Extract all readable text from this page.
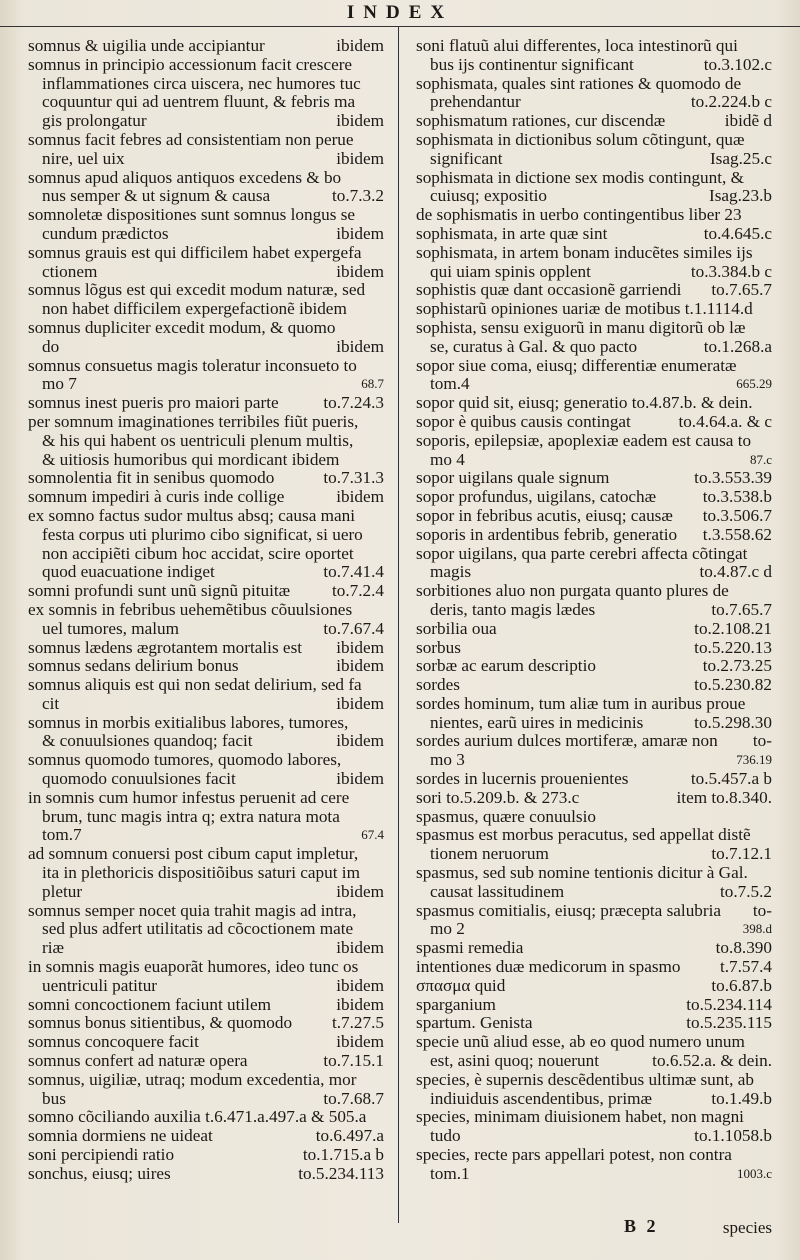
INDEX
somnus & uigilia unde accipiantur	ibidem
somnus in principio accessionum facit crescere
inflammationes circa uiscera, nec humores tuc
coquuntur qui ad uentrem fluunt, & febris ma
gis prolongatur	ibidem
somnus facit febres ad consistentiam non perue
nire, uel uix	ibidem
somnus apud aliquos antiquos excedens & bo
nus semper & ut signum & causa	to.7.3.2
somnoletæ dispositiones sunt somnus longus se
cundum prædictos	ibidem
somnus grauis est qui difficilem habet expergefa
ctionem	ibidem
somnus lõgus est qui excedit modum naturæ, sed
non habet difficilem expergefactionẽ ibidem
somnus dupliciter excedit modum, & quomo
do	ibidem
somnus consuetus magis toleratur inconsueto to
mo 7	68.7
somnus inest pueris pro maiori parte	to.7.24.3
per somnum imaginationes terribiles fiũt pueris,
& his qui habent os uentriculi plenum multis,
& uitiosis humoribus qui mordicant ibidem
somnolentia fit in senibus quomodo	to.7.31.3
somnum impediri à curis inde collige	ibidem
ex somno factus sudor multus absq; causa mani
festa corpus uti plurimo cibo significat, si uero
non accipiẽti cibum hoc accidat, scire oportet
quod euacuatione indiget	to.7.41.4
somni profundi sunt unũ signũ pituitæ to.7.2.4
ex somnis in febribus uehemẽtibus cõuulsiones
uel tumores, malum	to.7.67.4
somnus lædens ægrotantem mortalis est ibidem
somnus sedans delirium bonus	ibidem
somnus aliquis est qui non sedat delirium, sed fa
cit	ibidem
somnus in morbis exitialibus labores, tumores,
& conuulsiones quandoq; facit	ibidem
somnus quomodo tumores, quomodo labores,
quomodo conuulsiones facit	ibidem
in somnis cum humor infestus peruenit ad cere
brum, tunc magis intra q; extra natura mota
tom.7	67.4
ad somnum conuersi post cibum caput impletur,
ita in plethoricis dispositiõibus saturi caput im
pletur	ibidem
somnus semper nocet quia trahit magis ad intra,
sed plus adfert utilitatis ad cõcoctionem mate
riæ	ibidem
in somnis magis euaporãt humores, ideo tunc os
uentriculi patitur	ibidem
somni concoctionem faciunt utilem	ibidem
somnus bonus sitientibus, & quomodo t.7.27.5
somnus concoquere facit	ibidem
somnus confert ad naturæ opera	to.7.15.1
somnus, uigiliæ, utraq; modum excedentia, mor
bus	to.7.68.7
somno cõciliando auxilia t.6.471.a.497.a & 505.a
somnia dormiens ne uideat	to.6.497.a
soni percipiendi ratio	to.1.715.a b
sonchus, eiusq; uires	to.5.234.113
soni flatuũ alui differentes, loca intestinorũ qui
bus ijs continentur significant	to.3.102.c
sophismata, quales sint rationes & quomodo de
prehendantur	to.2.224.b c
sophismatum rationes, cur discendæ	ibidẽ d
sophismata in dictionibus solum cõtingunt, quæ
significant	Isag.25.c
sophismata in dictione sex modis contingunt, &
cuiusq; expositio	Isag.23.b
de sophismatis in uerbo contingentibus liber 23
sophismata, in arte quæ sint	to.4.645.c
sophismata, in artem bonam inducẽtes similes ijs
qui uiam spinis opplent	to.3.384.b c
sophistis quæ dant occasionẽ garriendi to.7.65.7
sophistarũ opiniones uariæ de motibus t.1.1114.d
sophista, sensu exiguorũ in manu digitorũ ob læ
se, curatus à Gal. & quo pacto	to.1.268.a
sopor siue coma, eiusq; differentiæ enumeratæ
tom.4	665.29
sopor quid sit, eiusq; generatio to.4.87.b. & dein.
sopor è quibus causis contingat	to.4.64.a. & c
soporis, epilepsiæ, apoplexiæ eadem est causa to
mo 4	87.c
sopor uigilans quale signum	to.3.553.39
sopor profundus, uigilans, catochæ	to.3.538.b
sopor in febribus acutis, eiusq; causæ to.3.506.7
soporis in ardentibus febrib, generatio t.3.558.62
sopor uigilans, qua parte cerebri affecta cõtingat
magis	to.4.87.c d
sorbitiones aluo non purgata quanto plures de
deris, tanto magis lædes	to.7.65.7
sorbilia oua	to.2.108.21
sorbus	to.5.220.13
sorbæ ac earum descriptio	to.2.73.25
sordes	to.5.230.82
sordes hominum, tum aliæ tum in auribus proue
nientes, earũ uires in medicinis	to.5.298.30
sordes aurium dulces mortiferæ, amaræ non to-
mo 3	736.19
sordes in lucernis prouenientes	to.5.457.a b
sori to.5.209.b. & 273.c	item to.8.340.
spasmus, quære conuulsio
spasmus est morbus peracutus, sed appellat distẽ
tionem neruorum	to.7.12.1
spasmus, sed sub nomine tentionis dicitur à Gal.
causat lassitudinem	to.7.5.2
spasmus comitialis, eiusq; præcepta salubria to-
mo 2	398.d
spasmi remedia	to.8.390
intentiones duæ medicorum in spasmo t.7.57.4
σπασμα quid	to.6.87.b
sparganium	to.5.234.114
spartum. Genista	to.5.235.115
specie unũ aliud esse, ab eo quod numero unum
est, asini quoq; nouerunt	to.6.52.a. & dein.
species, è supernis descẽdentibus ultimæ sunt, ab
indiuiduis ascendentibus, primæ	to.1.49.b
species, minimam diuisionem habet, non magni
tudo	to.1.1058.b
species, recte pars appellari potest, non contra
tom.1	1003.c
B 2	species
